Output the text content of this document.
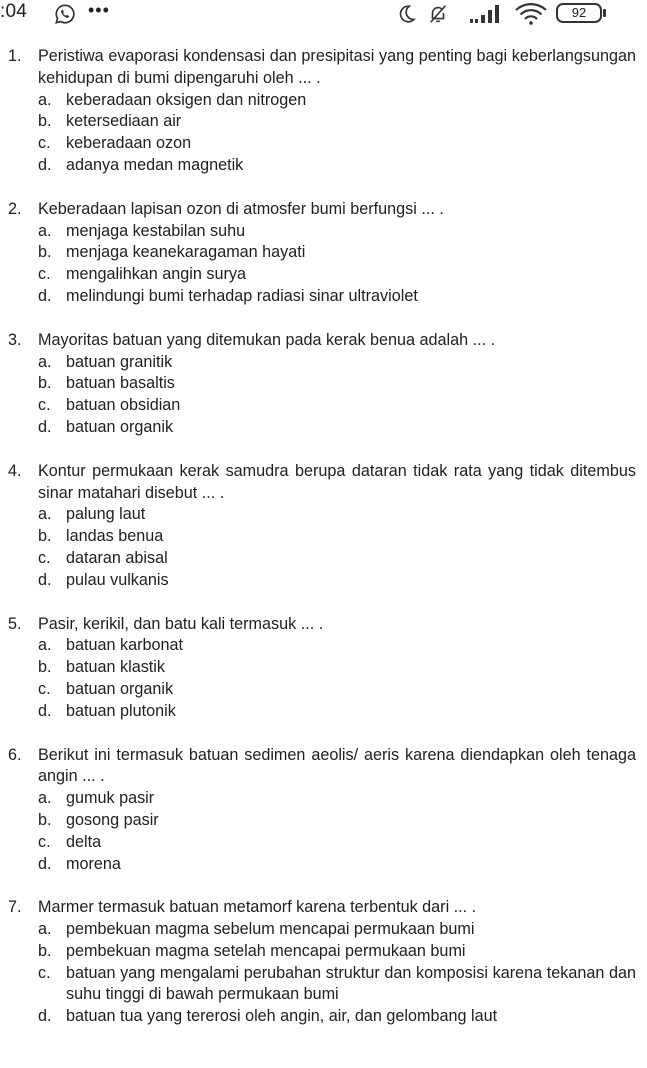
:04	•••	92
1.	Peristiwa evaporasi kondensasi dan presipitasi yang penting bagi keberlangsungan kehidupan di bumi dipengaruhi oleh ... .
a. keberadaan oksigen dan nitrogen
b. ketersediaan air
c. keberadaan ozon
d. adanya medan magnetik
2.	Keberadaan lapisan ozon di atmosfer bumi berfungsi ... .
a. menjaga kestabilan suhu
b. menjaga keanekaragaman hayati
c. mengalihkan angin surya
d. melindungi bumi terhadap radiasi sinar ultraviolet
3.	Mayoritas batuan yang ditemukan pada kerak benua adalah ... .
a. batuan granitik
b. batuan basaltis
c. batuan obsidian
d. batuan organik
4.	Kontur permukaan kerak samudra berupa dataran tidak rata yang tidak ditembus sinar matahari disebut ... .
a. palung laut
b. landas benua
c. dataran abisal
d. pulau vulkanis
5.	Pasir, kerikil, dan batu kali termasuk ... .
a. batuan karbonat
b. batuan klastik
c. batuan organik
d. batuan plutonik
6.	Berikut ini termasuk batuan sedimen aeolis/ aeris karena diendapkan oleh tenaga angin ... .
a. gumuk pasir
b. gosong pasir
c. delta
d. morena
7.	Marmer termasuk batuan metamorf karena terbentuk dari ... .
a. pembekuan magma sebelum mencapai permukaan bumi
b. pembekuan magma setelah mencapai permukaan bumi
c. batuan yang mengalami perubahan struktur dan komposisi karena tekanan dan suhu tinggi di bawah permukaan bumi
d. batuan tua yang tererosi oleh angin, air, dan gelombang laut
